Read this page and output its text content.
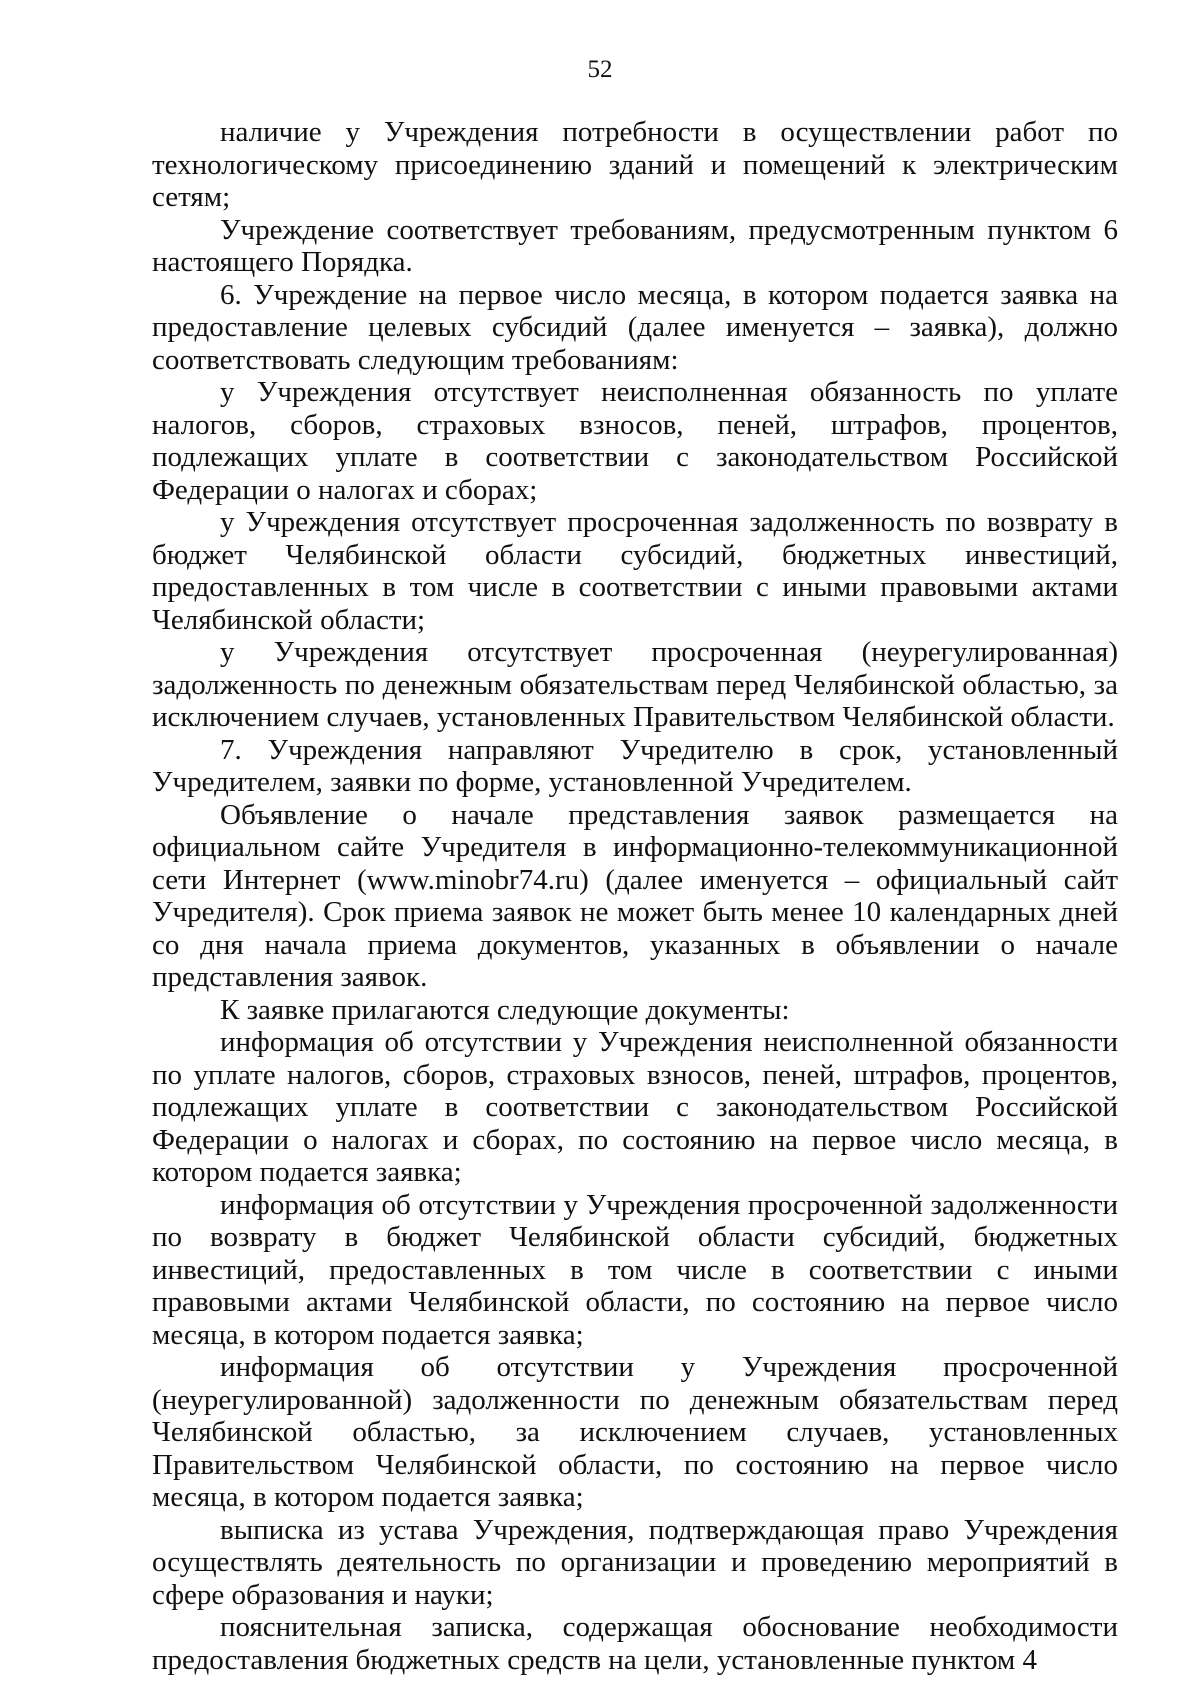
52

наличие у Учреждения потребности в осуществлении работ по технологическому присоединению зданий и помещений к электрическим сетям;

Учреждение соответствует требованиям, предусмотренным пунктом 6 настоящего Порядка.

6. Учреждение на первое число месяца, в котором подается заявка на предоставление целевых субсидий (далее именуется – заявка), должно соответствовать следующим требованиям:

у Учреждения отсутствует неисполненная обязанность по уплате налогов, сборов, страховых взносов, пеней, штрафов, процентов, подлежащих уплате в соответствии с законодательством Российской Федерации о налогах и сборах;

у Учреждения отсутствует просроченная задолженность по возврату в бюджет Челябинской области субсидий, бюджетных инвестиций, предоставленных в том числе в соответствии с иными правовыми актами Челябинской области;

у Учреждения отсутствует просроченная (неурегулированная) задолженность по денежным обязательствам перед Челябинской областью, за исключением случаев, установленных Правительством Челябинской области.

7. Учреждения направляют Учредителю в срок, установленный Учредителем, заявки по форме, установленной Учредителем.

Объявление о начале представления заявок размещается на официальном сайте Учредителя в информационно-телекоммуникационной сети Интернет (www.minobr74.ru) (далее именуется – официальный сайт Учредителя). Срок приема заявок не может быть менее 10 календарных дней со дня начала приема документов, указанных в объявлении о начале представления заявок.

К заявке прилагаются следующие документы:

информация об отсутствии у Учреждения неисполненной обязанности по уплате налогов, сборов, страховых взносов, пеней, штрафов, процентов, подлежащих уплате в соответствии с законодательством Российской Федерации о налогах и сборах, по состоянию на первое число месяца, в котором подается заявка;

информация об отсутствии у Учреждения просроченной задолженности по возврату в бюджет Челябинской области субсидий, бюджетных инвестиций, предоставленных в том числе в соответствии с иными правовыми актами Челябинской области, по состоянию на первое число месяца, в котором подается заявка;

информация об отсутствии у Учреждения просроченной (неурегулированной) задолженности по денежным обязательствам перед Челябинской областью, за исключением случаев, установленных Правительством Челябинской области, по состоянию на первое число месяца, в котором подается заявка;

выписка из устава Учреждения, подтверждающая право Учреждения осуществлять деятельность по организации и проведению мероприятий в сфере образования и науки;

пояснительная записка, содержащая обоснование необходимости предоставления бюджетных средств на цели, установленные пунктом 4
